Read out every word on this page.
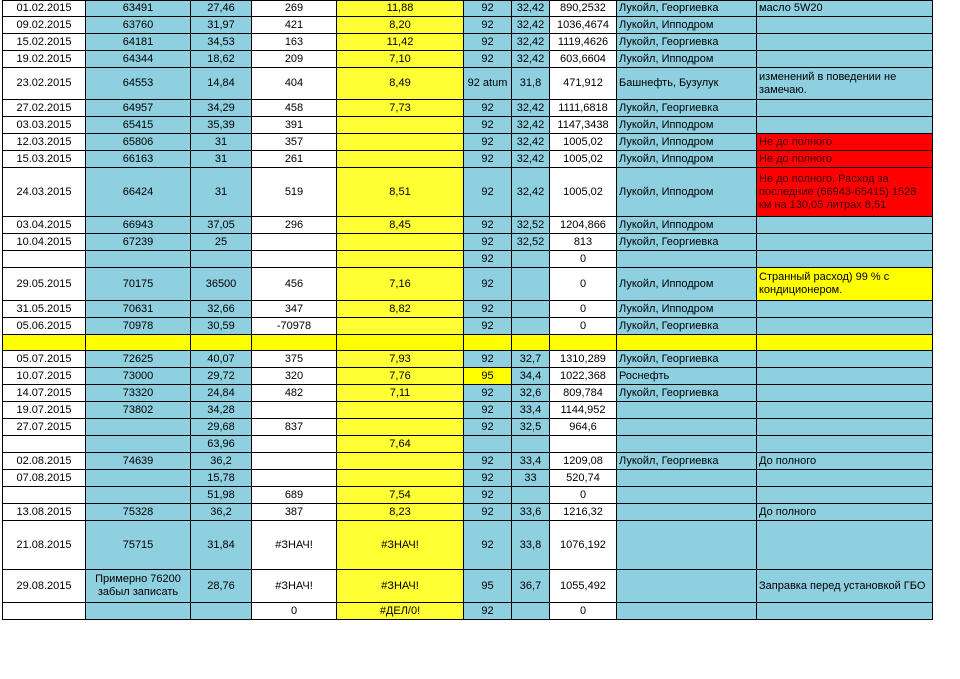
01.02.2015	63491	27,46	269	11,88	92	32,42	890,2532	Лукойл, Георгиевка	масло 5W20
09.02.2015	63760	31,97	421	8,20	92	32,42	1036,4674	Лукойл, Ипподром	
15.02.2015	64181	34,53	163	11,42	92	32,42	1119,4626	Лукойл, Георгиевка	
19.02.2015	64344	18,62	209	7,10	92	32,42	603,6604	Лукойл, Ипподром	
23.02.2015	64553	14,84	404	8,49	92 atum	31,8	471,912	Башнефть, Бузулук	изменений в поведении не замечаю.
27.02.2015	64957	34,29	458	7,73	92	32,42	1111,6818	Лукойл, Георгиевка	
03.03.2015	65415	35,39	391		92	32,42	1147,3438	Лукойл, Ипподром	
12.03.2015	65806	31	357		92	32,42	1005,02	Лукойл, Ипподром	Не до полного
15.03.2015	66163	31	261		92	32,42	1005,02	Лукойл, Ипподром	Не до полного
24.03.2015	66424	31	519	8,51	92	32,42	1005,02	Лукойл, Ипподром	Не до полного. Расход за последние (66943-65415) 1528 км на 130,05 литрах 8,51
03.04.2015	66943	37,05	296	8,45	92	32,52	1204,866	Лукойл, Ипподром	
10.04.2015	67239	25			92	32,52	813	Лукойл, Георгиевка	
					92		0		
29.05.2015	70175	36500	456	7,16	92		0	Лукойл, Ипподром	Странный расход) 99 % с кондиционером.
31.05.2015	70631	32,66	347	8,82	92		0	Лукойл, Ипподром	
05.06.2015	70978	30,59	-70978		92		0	Лукойл, Георгиевка	

05.07.2015	72625	40,07	375	7,93	92	32,7	1310,289	Лукойл, Георгиевка	
10.07.2015	73000	29,72	320	7,76	95	34,4	1022,368	Роснефть	
14.07.2015	73320	24,84	482	7,11	92	32,6	809,784	Лукойл, Георгиевка	
19.07.2015	73802	34,28			92	33,4	1144,952		
27.07.2015		29,68	837		92	32,5	964,6		
		63,96		7,64					
02.08.2015	74639	36,2			92	33,4	1209,08	Лукойл, Георгиевка	До полного
07.08.2015		15,78			92	33	520,74		
		51,98	689	7,54	92		0		
13.08.2015	75328	36,2	387	8,23	92	33,6	1216,32		До полного
21.08.2015	75715	31,84	#ЗНАЧ!	#ЗНАЧ!	92	33,8	1076,192		
29.08.2015	Примерно 76200 забыл записать	28,76	#ЗНАЧ!	#ЗНАЧ!	95	36,7	1055,492		Заправка перед установкой ГБО
			0	#ДЕЛ/0!	92		0		
